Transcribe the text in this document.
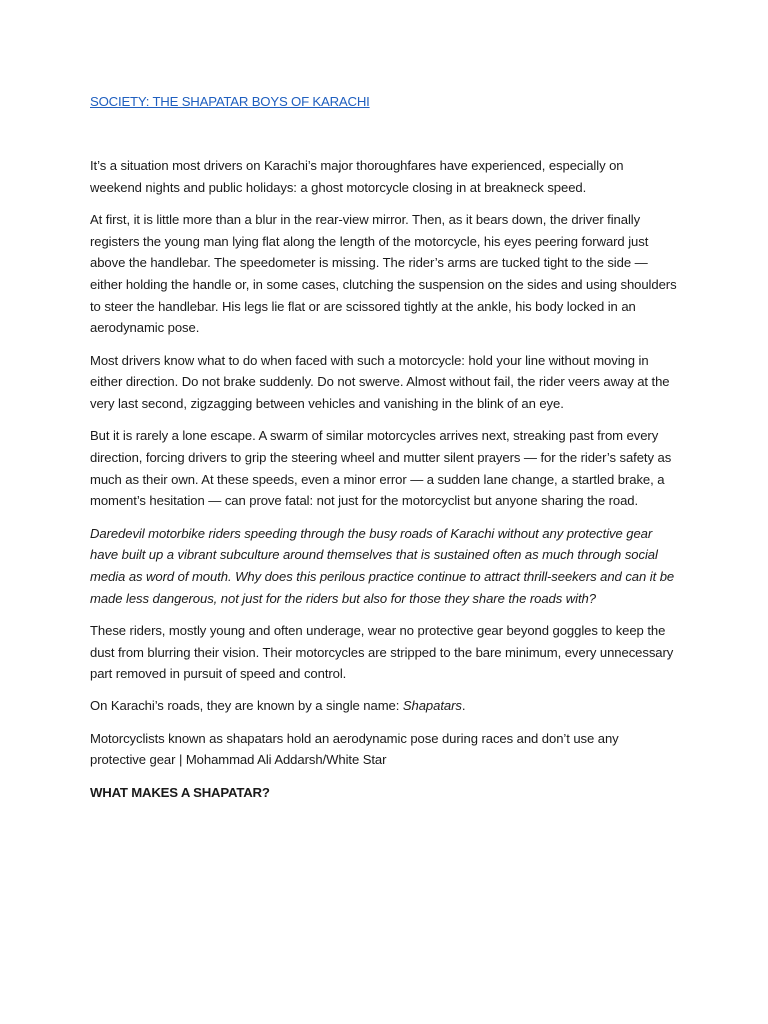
SOCIETY: THE SHAPATAR BOYS OF KARACHI

It’s a situation most drivers on Karachi’s major thoroughfares have experienced, especially on weekend nights and public holidays: a ghost motorcycle closing in at breakneck speed.

At first, it is little more than a blur in the rear-view mirror. Then, as it bears down, the driver finally registers the young man lying flat along the length of the motorcycle, his eyes peering forward just above the handlebar. The speedometer is missing. The rider’s arms are tucked tight to the side — either holding the handle or, in some cases, clutching the suspension on the sides and using shoulders to steer the handlebar. His legs lie flat or are scissored tightly at the ankle, his body locked in an aerodynamic pose.

Most drivers know what to do when faced with such a motorcycle: hold your line without moving in either direction. Do not brake suddenly. Do not swerve. Almost without fail, the rider veers away at the very last second, zigzagging between vehicles and vanishing in the blink of an eye.

But it is rarely a lone escape. A swarm of similar motorcycles arrives next, streaking past from every direction, forcing drivers to grip the steering wheel and mutter silent prayers — for the rider’s safety as much as their own. At these speeds, even a minor error — a sudden lane change, a startled brake, a moment’s hesitation — can prove fatal: not just for the motorcyclist but anyone sharing the road.

Daredevil motorbike riders speeding through the busy roads of Karachi without any protective gear have built up a vibrant subculture around themselves that is sustained often as much through social media as word of mouth. Why does this perilous practice continue to attract thrill-seekers and can it be made less dangerous, not just for the riders but also for those they share the roads with?

These riders, mostly young and often underage, wear no protective gear beyond goggles to keep the dust from blurring their vision. Their motorcycles are stripped to the bare minimum, every unnecessary part removed in pursuit of speed and control.

On Karachi’s roads, they are known by a single name: Shapatars.

Motorcyclists known as shapatars hold an aerodynamic pose during races and don’t use any protective gear | Mohammad Ali Addarsh/White Star

WHAT MAKES A SHAPATAR?
